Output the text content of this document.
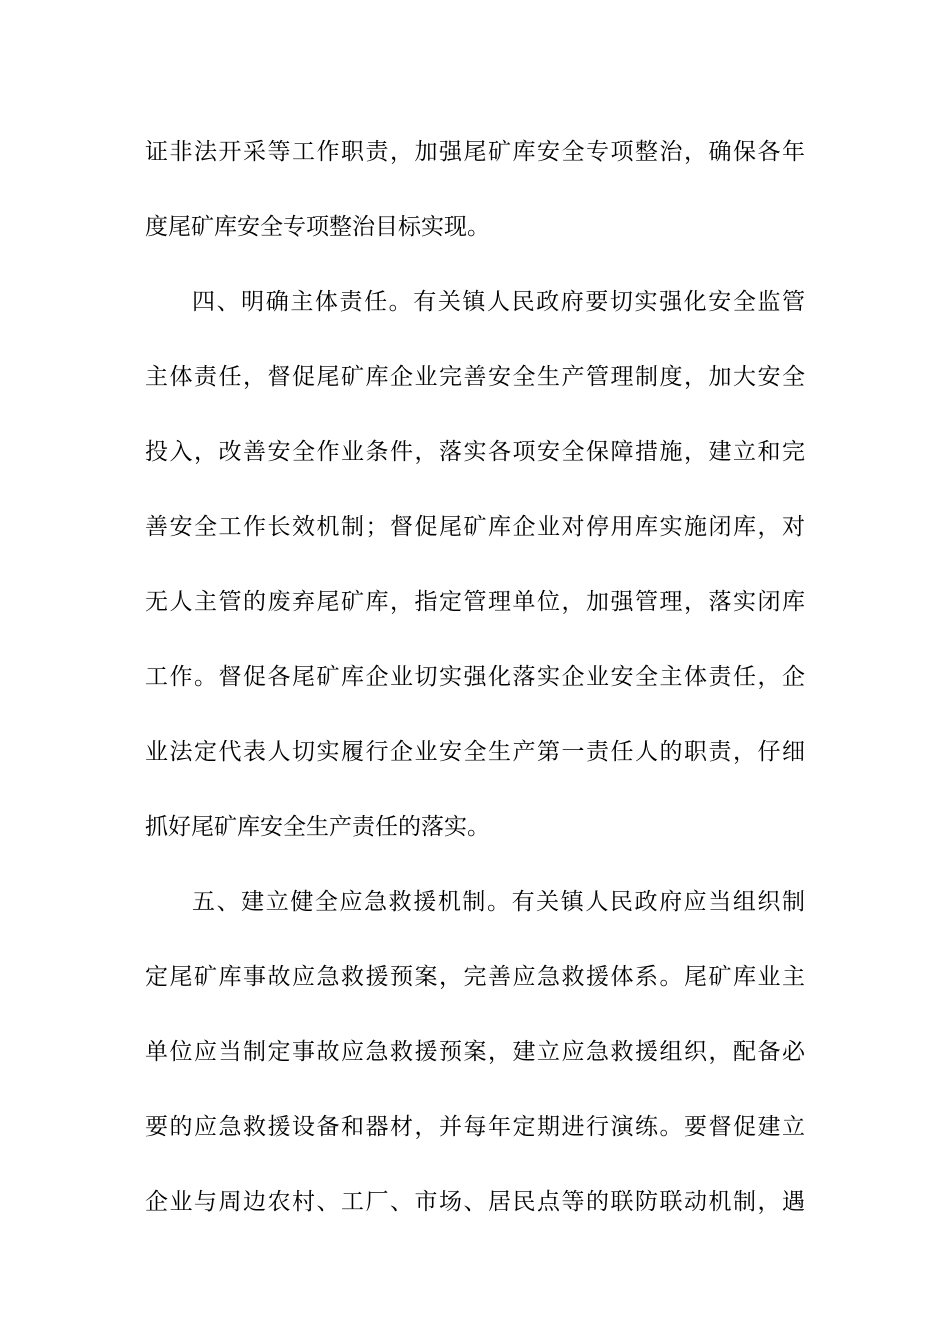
证非法开采等工作职责，加强尾矿库安全专项整治，确保各年
度尾矿库安全专项整治目标实现。
四、明确主体责任。有关镇人民政府要切实强化安全监管
主体责任，督促尾矿库企业完善安全生产管理制度，加大安全
投入，改善安全作业条件，落实各项安全保障措施，建立和完
善安全工作长效机制；督促尾矿库企业对停用库实施闭库，对
无人主管的废弃尾矿库，指定管理单位，加强管理，落实闭库
工作。督促各尾矿库企业切实强化落实企业安全主体责任，企
业法定代表人切实履行企业安全生产第一责任人的职责，仔细
抓好尾矿库安全生产责任的落实。
五、建立健全应急救援机制。有关镇人民政府应当组织制
定尾矿库事故应急救援预案，完善应急救援体系。尾矿库业主
单位应当制定事故应急救援预案，建立应急救援组织，配备必
要的应急救援设备和器材，并每年定期进行演练。要督促建立
企业与周边农村、工厂、市场、居民点等的联防联动机制，遇
